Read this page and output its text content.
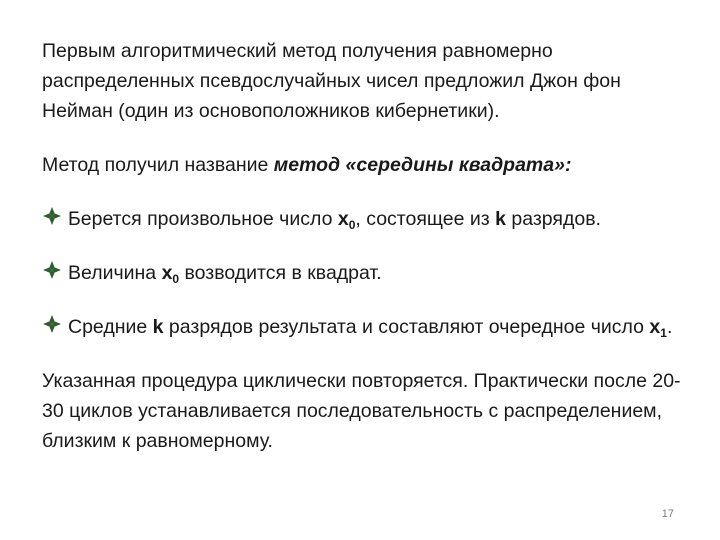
Первым алгоритмический метод получения равномерно распределенных псевдослучайных чисел предложил Джон фон Нейман (один из основоположников кибернетики).

Метод получил название метод «середины квадрата»:

Берется произвольное число $x_0$, состоящее из k разрядов.
Величина $x_0$ возводится в квадрат.
Средние k разрядов результата и составляют очередное число $x_1$.

Указанная процедура циклически повторяется. Практически после 20-30 циклов устанавливается последовательность с распределением, близким к равномерному.

17
